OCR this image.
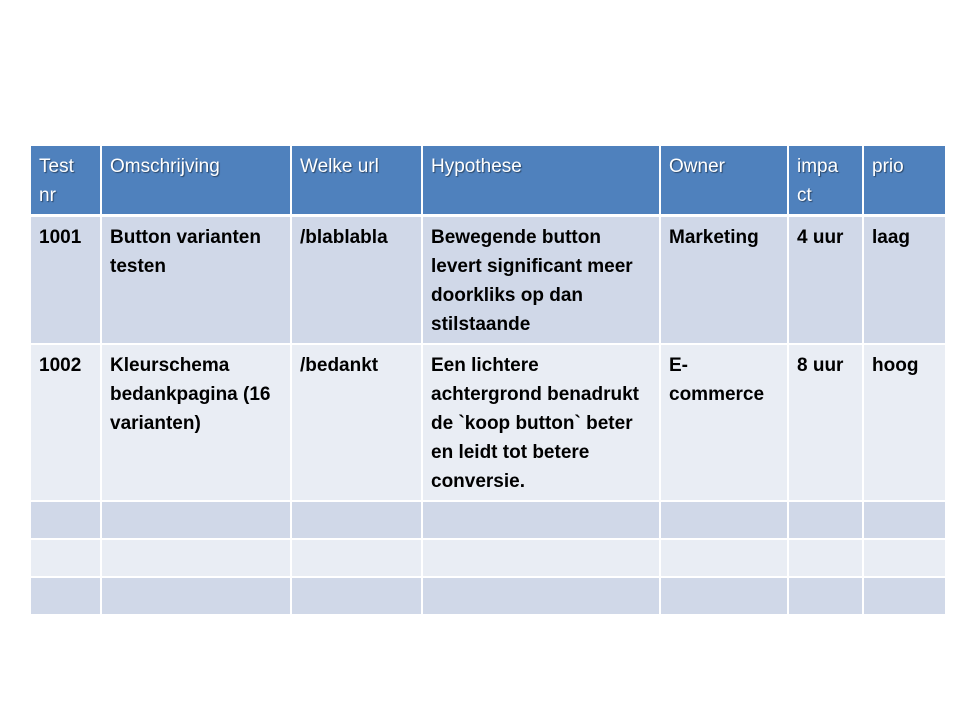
Test nr	Omschrijving	Welke url	Hypothese	Owner	impa ct	prio
1001	Button varianten testen	/blablabla	Bewegende button levert significant meer doorkliks op dan stilstaande	Marketing	4 uur	laag
1002	Kleurschema bedankpagina (16 varianten)	/bedankt	Een lichtere achtergrond benadrukt de `koop button` beter en leidt tot betere conversie.	E-commerce	8 uur	hoog
